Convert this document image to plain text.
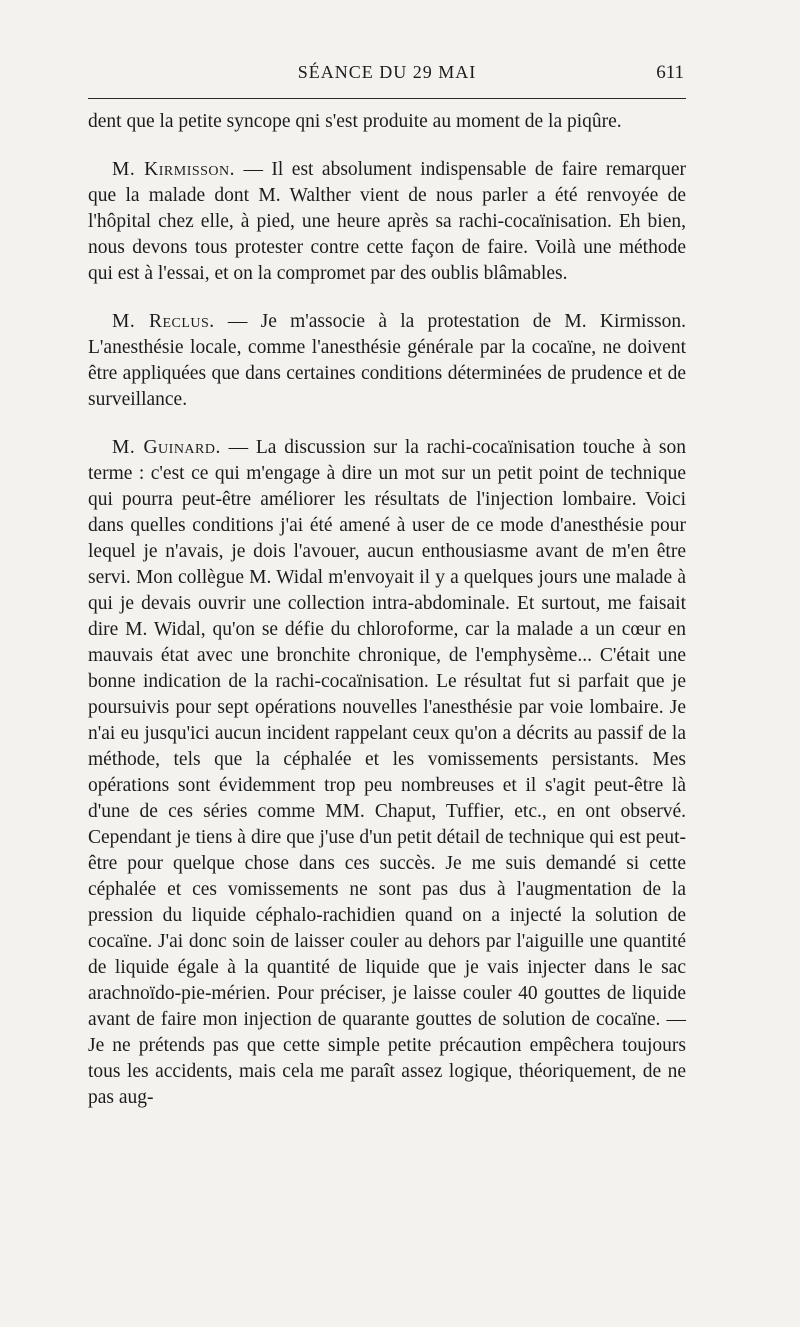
SÉANCE DU 29 MAI	611

dent que la petite syncope qni s'est produite au moment de la piqûre.

M. Kirmisson. — Il est absolument indispensable de faire remarquer que la malade dont M. Walther vient de nous parler a été renvoyée de l'hôpital chez elle, à pied, une heure après sa rachi-cocaïnisation. Eh bien, nous devons tous protester contre cette façon de faire. Voilà une méthode qui est à l'essai, et on la compromet par des oublis blâmables.

M. Reclus. — Je m'associe à la protestation de M. Kirmisson. L'anesthésie locale, comme l'anesthésie générale par la cocaïne, ne doivent être appliquées que dans certaines conditions déterminées de prudence et de surveillance.

M. Guinard. — La discussion sur la rachi-cocaïnisation touche à son terme : c'est ce qui m'engage à dire un mot sur un petit point de technique qui pourra peut-être améliorer les résultats de l'injection lombaire. Voici dans quelles conditions j'ai été amené à user de ce mode d'anesthésie pour lequel je n'avais, je dois l'avouer, aucun enthousiasme avant de m'en être servi. Mon collègue M. Widal m'envoyait il y a quelques jours une malade à qui je devais ouvrir une collection intra-abdominale. Et surtout, me faisait dire M. Widal, qu'on se défie du chloroforme, car la malade a un cœur en mauvais état avec une bronchite chronique, de l'emphysème... C'était une bonne indication de la rachi-cocaïnisation. Le résultat fut si parfait que je poursuivis pour sept opérations nouvelles l'anesthésie par voie lombaire. Je n'ai eu jusqu'ici aucun incident rappelant ceux qu'on a décrits au passif de la méthode, tels que la céphalée et les vomissements persistants. Mes opérations sont évidemment trop peu nombreuses et il s'agit peut-être là d'une de ces séries comme MM. Chaput, Tuffier, etc., en ont observé. Cependant je tiens à dire que j'use d'un petit détail de technique qui est peut-être pour quelque chose dans ces succès. Je me suis demandé si cette céphalée et ces vomissements ne sont pas dus à l'augmentation de la pression du liquide céphalo-rachidien quand on a injecté la solution de cocaïne. J'ai donc soin de laisser couler au dehors par l'aiguille une quantité de liquide égale à la quantité de liquide que je vais injecter dans le sac arachnoïdo-pie-mérien. Pour préciser, je laisse couler 40 gouttes de liquide avant de faire mon injection de quarante gouttes de solution de cocaïne. — Je ne prétends pas que cette simple petite précaution empêchera toujours tous les accidents, mais cela me paraît assez logique, théoriquement, de ne pas aug-
